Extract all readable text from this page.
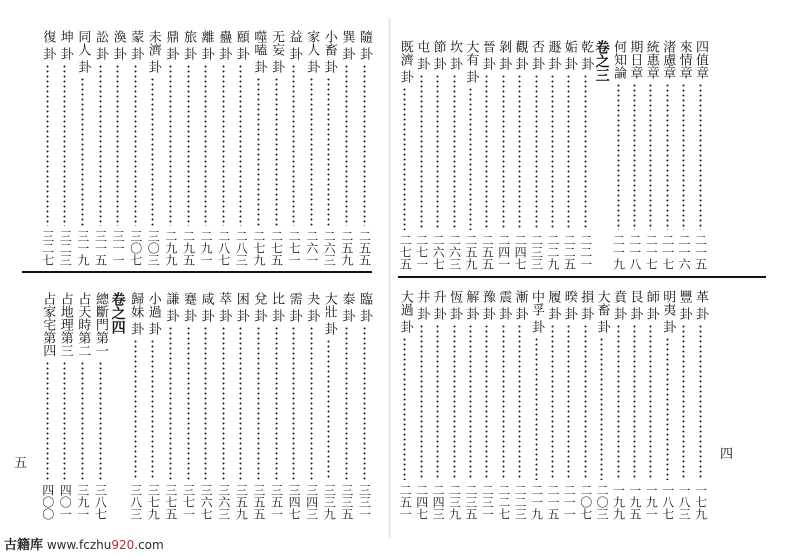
隨
卦
二五五
巽
卦
二五九
小畜
卦
二六三
家人
卦
二六一
益
卦
二七一
无妄
卦
二七五
噬嗑
卦
二七九
頤
卦
二八三
蠱
卦
二八七
離
卦
二九一
旅
卦
二九五
鼎
卦
二九九
未濟
卦
三〇三
蒙
卦
三〇七
渙
卦
三一一
訟
卦
三一五
同人
卦
三一九
坤
卦
三二三
復
卦
三二七
臨
卦
三三一
泰
卦
三三五
大壯
卦
三三九
夬
卦
三四三
需
卦
三四七
比
卦
三五一
兌
卦
三五五
困
卦
三五九
萃
卦
三六三
咸
卦
三六七
蹇
卦
三七一
謙
卦
三七五
小過
卦
三七九
歸妹
卦
三八三
卷之四
總斷門第一
三八七
占天時第二
三九一
占地理第三
四〇一
占家宅第四
四〇〇
五
四值章
二一五
來情章
二一六
渚慮章
二一七
統惠章
二一七
期日章
二一八
何知論
二一九
卷之三
乾
卦
二二一
姤
卦
二二五
遯
卦
二二九
否
卦
二三三
觀
卦
二四七
剝
卦
二四一
晉
卦
二五五
大有
卦
二五九
坎
卦
二六三
節
卦
二六七
屯
卦
二七一
既濟
卦
二七五
革
卦
一七九
豐
卦
一八三
明夷
卦
一八七
師
卦
一九一
艮
卦
一九五
賁
卦
一九九
大畜
卦
二〇三
損
卦
二〇七
暌
卦
二一一
履
卦
二一五
中孚
卦
二一九
漸
卦
二二三
震
卦
二二七
豫
卦
二三一
解
卦
二三五
恆
卦
二三九
升
卦
二四三
井
卦
二四七
大過
卦
二五一
四
古籍库 www.fczhu920.com
